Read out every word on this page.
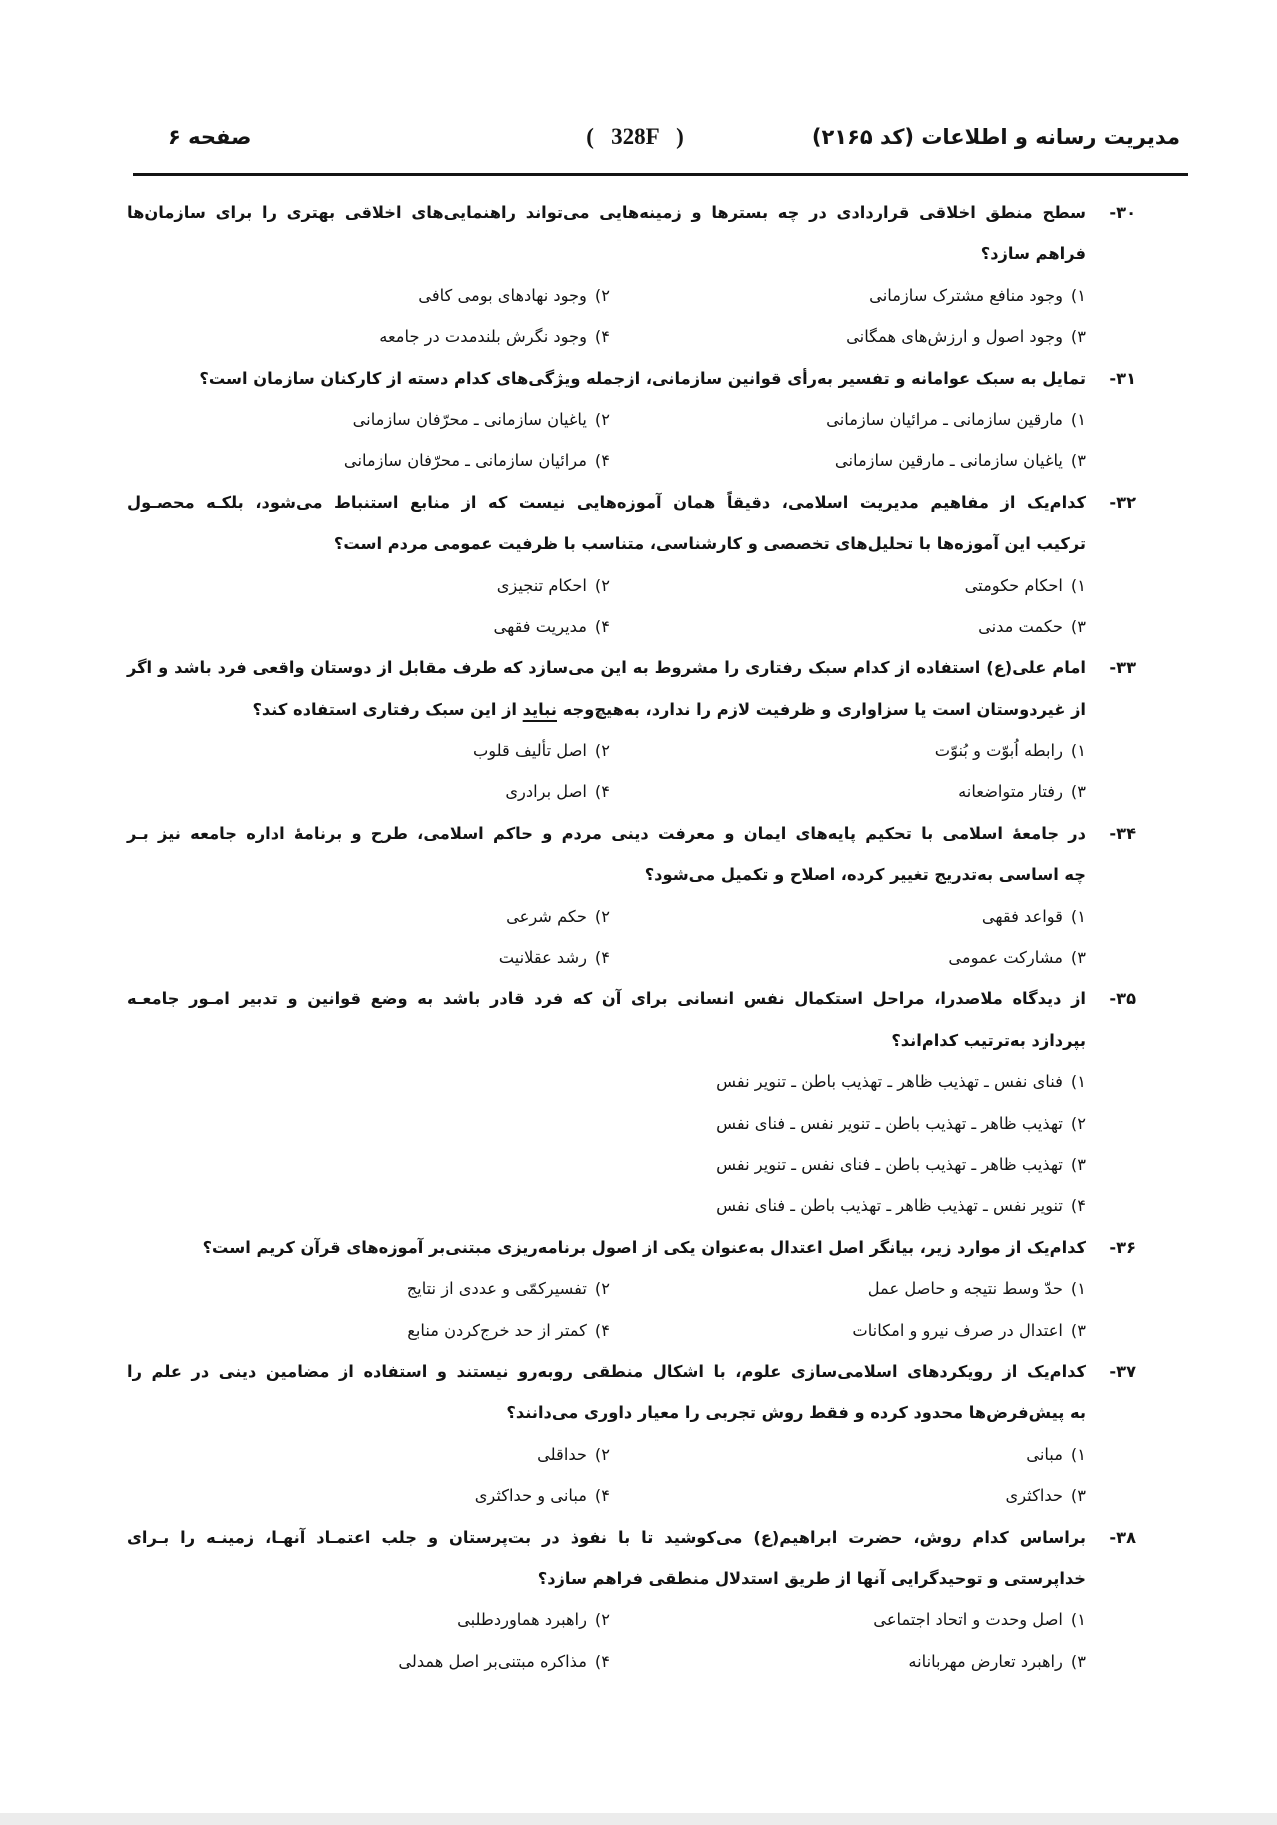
مدیریت رسانه و اطلاعات (کد ۲۱۶۵)
(   328F   )
صفحه ۶
۳۰-
سطح منطق اخلاقی قراردادی در چه بسترها و زمینه‌هایی می‌تواند راهنمایی‌های اخلاقی بهتری را برای سازمان‌ها
فراهم سازد؟
۱)وجود منافع مشترک سازمانی
۲)وجود نهادهای بومی کافی
۳)وجود اصول و ارزش‌های همگانی
۴)وجود نگرش بلندمدت در جامعه
۳۱-
تمایل به سبک عوامانه و تفسیر به‌رأی قوانین سازمانی، ازجمله ویژگی‌های کدام دسته از کارکنان سازمان است؟
۱)مارقین سازمانی ـ مرائیان سازمانی
۲)یاغیان سازمانی ـ محرّفان سازمانی
۳)یاغیان سازمانی ـ مارقین سازمانی
۴)مرائیان سازمانی ـ محرّفان سازمانی
۳۲-
کدام‌یک از مفاهیم مدیریت اسلامی، دقیقاً همان آموزه‌هایی نیست که از منابع استنباط می‌شود، بلکـه محصـول
ترکیب این آموزه‌ها با تحلیل‌های تخصصی و کارشناسی، متناسب با ظرفیت عمومی مردم است؟
۱)احکام حکومتی
۲)احکام تنجیزی
۳)حکمت مدنی
۴)مدیریت فقهی
۳۳-
امام علی(ع) استفاده از کدام سبک رفتاری را مشروط به این می‌سازد که طرف مقابل از دوستان واقعی فرد باشد و اگر
از غیردوستان است یا سزاواری و ظرفیت لازم را ندارد، به‌هیچ‌وجه نباید از این سبک رفتاری استفاده کند؟
۱)رابطه اُبوّت و بُنوّت
۲)اصل تألیف قلوب
۳)رفتار متواضعانه
۴)اصل برادری
۳۴-
در جامعهٔ اسلامی با تحکیم پایه‌های ایمان و معرفت دینی مردم و حاکم اسلامی، طرح و برنامهٔ اداره جامعه نیز بـر
چه اساسی به‌تدریج تغییر کرده، اصلاح و تکمیل می‌شود؟
۱)قواعد فقهی
۲)حکم شرعی
۳)مشارکت عمومی
۴)رشد عقلانیت
۳۵-
از دیدگاه ملاصدرا، مراحل استکمال نفس انسانی برای آن که فرد قادر باشد به وضع قوانین و تدبیر امـور جامعـه
بپردازد به‌ترتیب کدام‌اند؟
۱)فنای نفس ـ تهذیب ظاهر ـ تهذیب باطن ـ تنویر نفس
۲)تهذیب ظاهر ـ تهذیب باطن ـ تنویر نفس ـ فنای نفس
۳)تهذیب ظاهر ـ تهذیب باطن ـ فنای نفس ـ تنویر نفس
۴)تنویر نفس ـ تهذیب ظاهر ـ تهذیب باطن ـ فنای نفس
۳۶-
کدام‌یک از موارد زیر، بیانگر اصل اعتدال به‌عنوان یکی از اصول برنامه‌ریزی مبتنی‌بر آموزه‌های قرآن کریم است؟
۱)حدّ وسط نتیجه و حاصل عمل
۲)تفسیرکمّی و عددی از نتایج
۳)اعتدال در صرف نیرو و امکانات
۴)کمتر از حد خرج‌کردن منابع
۳۷-
کدام‌یک از رویکردهای اسلامی‌سازی علوم، با اشکال منطقی روبه‌رو نیستند و استفاده از مضامین دینی در علم را
به پیش‌فرض‌ها محدود کرده و فقط روش تجربی را معیار داوری می‌دانند؟
۱)مبانی
۲)حداقلی
۳)حداکثری
۴)مبانی و حداکثری
۳۸-
براساس کدام روش، حضرت ابراهیم(ع) می‌کوشید تا با نفوذ در بت‌پرستان و جلب اعتمـاد آنهـا، زمینـه را بـرای
خداپرستی و توحیدگرایی آنها از طریق استدلال منطقی فراهم سازد؟
۱)اصل وحدت و اتحاد اجتماعی
۲)راهبرد هماوردطلبی
۳)راهبرد تعارض مهربانانه
۴)مذاکره مبتنی‌بر اصل همدلی
